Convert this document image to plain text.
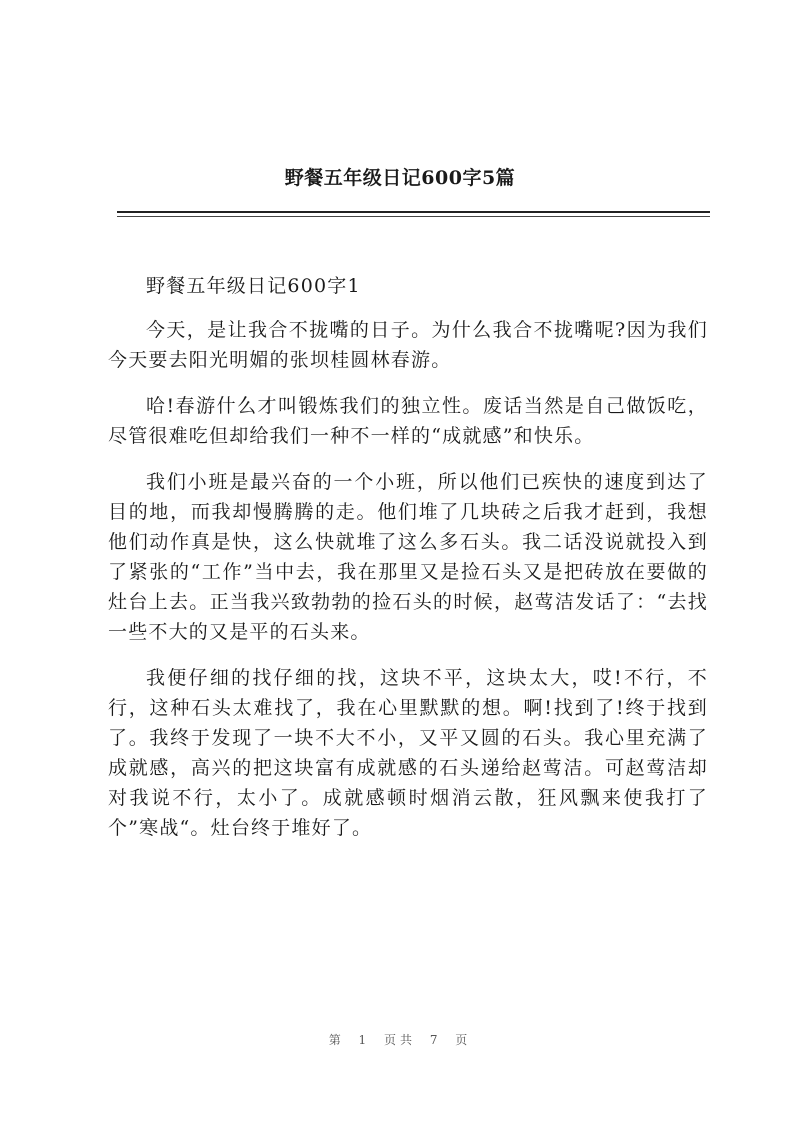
野餐五年级日记600字5篇

野餐五年级日记600字1

今天，是让我合不拢嘴的日子。为什么我合不拢嘴呢?因为我们今天要去阳光明媚的张坝桂圆林春游。

哈!春游什么才叫锻炼我们的独立性。废话当然是自己做饭吃，尽管很难吃但却给我们一种不一样的“成就感”和快乐。

我们小班是最兴奋的一个小班，所以他们已疾快的速度到达了目的地，而我却慢腾腾的走。他们堆了几块砖之后我才赶到，我想他们动作真是快，这么快就堆了这么多石头。我二话没说就投入到了紧张的“工作”当中去，我在那里又是捡石头又是把砖放在要做的灶台上去。正当我兴致勃勃的捡石头的时候，赵莺洁发话了：“去找一些不大的又是平的石头来。

我便仔细的找仔细的找，这块不平，这块太大，哎!不行，不行，这种石头太难找了，我在心里默默的想。啊!找到了!终于找到了。我终于发现了一块不大不小，又平又圆的石头。我心里充满了成就感，高兴的把这块富有成就感的石头递给赵莺洁。可赵莺洁却对我说不行，太小了。成就感顿时烟消云散，狂风飘来使我打了个”寒战“。灶台终于堆好了。

第 1 页共 7 页
